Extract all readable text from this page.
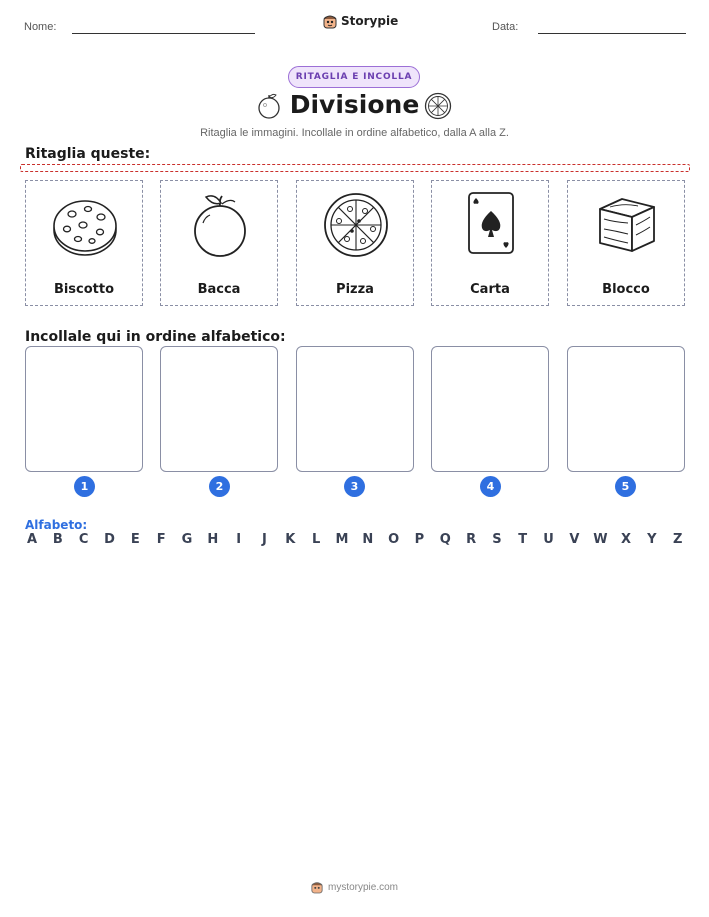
Nome:	Storypie	Data:
RITAGLIA E INCOLLA
Divisione
Ritaglia le immagini. Incollale in ordine alfabetico, dalla A alla Z.
Ritaglia queste:
Biscotto	Bacca	Pizza	Carta	Blocco
Incollale qui in ordine alfabetico:
1	2	3	4	5
Alfabeto:
A B C D E F G H	I	J	K L M N O P Q R S T U V W X Y Z
mystorypie.com
